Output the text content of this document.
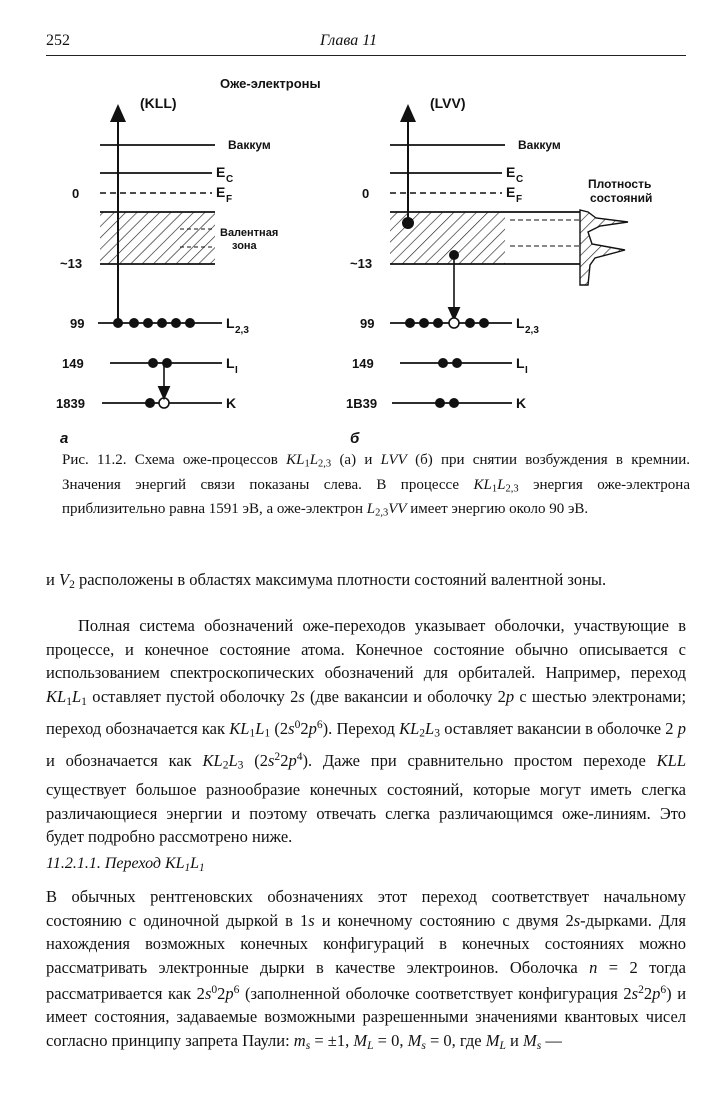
252	Глава 11
Оже-электроны
(KLL)	(LVV)
Ваккум
E C
E F
Валентная
зона
0
~13
99
149
1839
L 2,3
L I
K
а
Ваккум
E C
E F
Плотность
состояний
0
~13
99
149
1B39
L 2,3
L I
K
б
Рис. 11.2. Схема оже-процессов $KL_1L_{2,3}$ (а) и LVV (б) при снятии возбуждения в кремнии. Значения энергий связи показаны слева. В процессе $KL_1L_{2,3}$ энергия оже-электрона приблизительно равна 1591 эВ, а оже-электрон $L_{2,3}VV$ имеет энергию около 90 эВ.

и $V_2$ расположены в областях максимума плотности состояний валентной зоны.

Полная система обозначений оже-переходов указывает оболочки, участвующие в процессе, и конечное состояние атома. Конечное состояние обычно описывается с использованием спектроскопических обозначений для орбиталей. Например, переход $KL_1L_1$ оставляет пустой оболочку 2s (две вакансии и оболочку 2p с шестью электронами; переход обозначается как $KL_1L_1$ $(2s^02p^6)$. Переход $KL_2L_3$ оставляет вакансии в оболочке 2 p и обозначается как $KL_2L_3$ $(2s^22p^4)$. Даже при сравнительно простом переходе KLL существует большое разнообразие конечных состояний, которые могут иметь слегка различающиеся энергии и поэтому отвечать слегка различающимся оже-линиям. Это будет подробно рассмотрено ниже.

11.2.1.1. Переход $KL_1L_1$

В обычных рентгеновских обозначениях этот переход соответствует начальному состоянию с одиночной дыркой в 1s и конечному состоянию с двумя 2s-дырками. Для нахождения возможных конечных конфигураций в конечных состояниях можно рассматривать электронные дырки в качестве электроинов. Оболочка n = 2 тогда рассматривается как $2s^02p^6$ (заполненной оболочке соответствует конфигурация $2s^22p^6$) и имеет состояния, задаваемые возможными разрешенными значениями квантовых чисел согласно принципу запрета Паули: $m_s = \pm 1$, $M_L = 0$, $M_s = 0$, где $M_L$ и $M_s$ —
